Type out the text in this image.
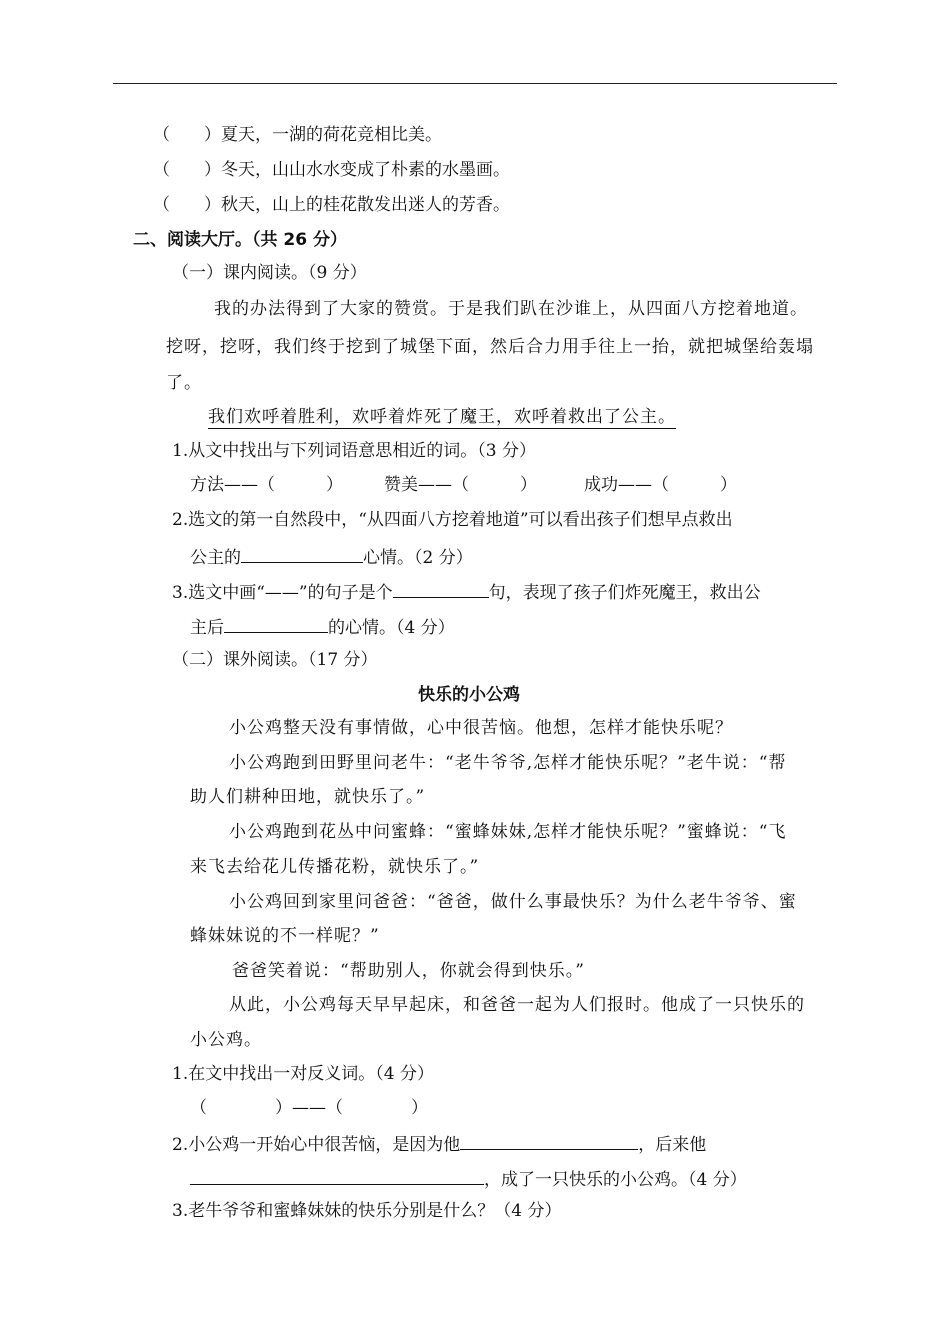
（　　）夏天，一湖的荷花竞相比美。
（　　）冬天，山山水水变成了朴素的水墨画。
（　　）秋天，山上的桂花散发出迷人的芳香。
二、阅读大厅。（共 26 分）
（一）课内阅读。（9 分）
我的办法得到了大家的赞赏。于是我们趴在沙谁上，从四面八方挖着地道。
挖呀，挖呀，我们终于挖到了城堡下面，然后合力用手往上一抬，就把城堡给轰塌
了。
我们欢呼着胜利，欢呼着炸死了魔王，欢呼着救出了公主。
1.从文中找出与下列词语意思相近的词。（3 分）
方法——（　　　） 赞美——（　　　）	成功——（　　　）
2.选文的第一自然段中，“从四面八方挖着地道”可以看出孩子们想早点救出
公主的	心情。（2 分）
3.选文中画“——”的句子是个	句，表现了孩子们炸死魔王，救出公
主后	的心情。（4 分）
（二）课外阅读。（17 分）
快乐的小公鸡
小公鸡整天没有事情做，心中很苦恼。他想，怎样才能快乐呢？
小公鸡跑到田野里问老牛：“老牛爷爷,怎样才能快乐呢？”老牛说：“帮
助人们耕种田地，就快乐了。”
小公鸡跑到花丛中问蜜蜂：“蜜蜂妹妹,怎样才能快乐呢？”蜜蜂说：“飞
来飞去给花儿传播花粉，就快乐了。”
小公鸡回到家里问爸爸：“爸爸，做什么事最快乐？为什么老牛爷爷、蜜
蜂妹妹说的不一样呢？”
爸爸笑着说：“帮助别人，你就会得到快乐。”
从此，小公鸡每天早早起床，和爸爸一起为人们报时。他成了一只快乐的
小公鸡。
1.在文中找出一对反义词。（4 分）
（　　　　）——（　　　　）
2.小公鸡一开始心中很苦恼，是因为他	，后来他
，成了一只快乐的小公鸡。（4 分）
3.老牛爷爷和蜜蜂妹妹的快乐分别是什么？（4 分）
